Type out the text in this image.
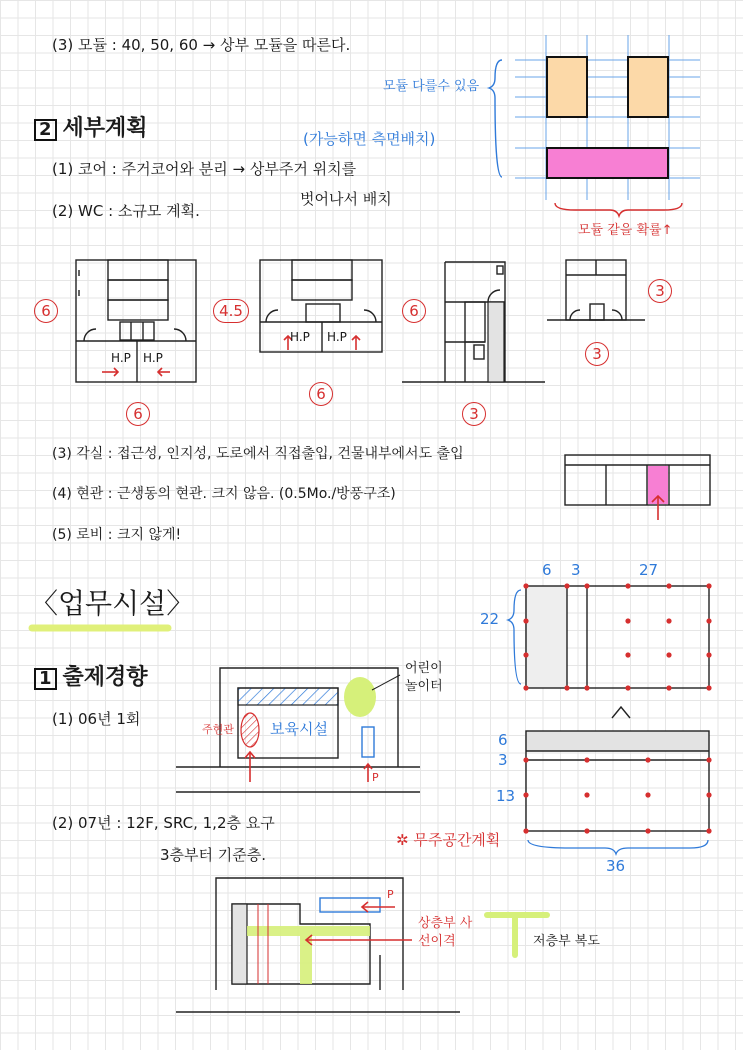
(3) 모듈 : 40, 50, 60 → 상부 모듈을 따른다.
모듈 다를수 있음
모듈 같을 확률↑
2 세부계획	(가능하면 측면배치)
(1) 코어 : 주거코어와 분리 → 상부주거 위치를
벗어나서 배치
(2) WC : 소규모 계획.
(3) 각실 : 접근성, 인지성, 도로에서 직접출입, 건물내부에서도 출입
(4) 현관 : 근생동의 현관. 크지 않음. (0.5Mo./방풍구조)
(5) 로비 : 크지 않게!
〈업무시설〉
1 출제경향
(1) 06년 1회
(2) 07년 : 12F, SRC, 1,2층 요구
3층부터 기준층.
✲ 무주공간계획
상층부 사선이격	저층부 복도
H.P H.P
H.P H.P
6
6
4.5
6
6
3
3
3
6 3	27
22
6
3
13
36
어린이 놀이터
보육시설
주현관
P
P
